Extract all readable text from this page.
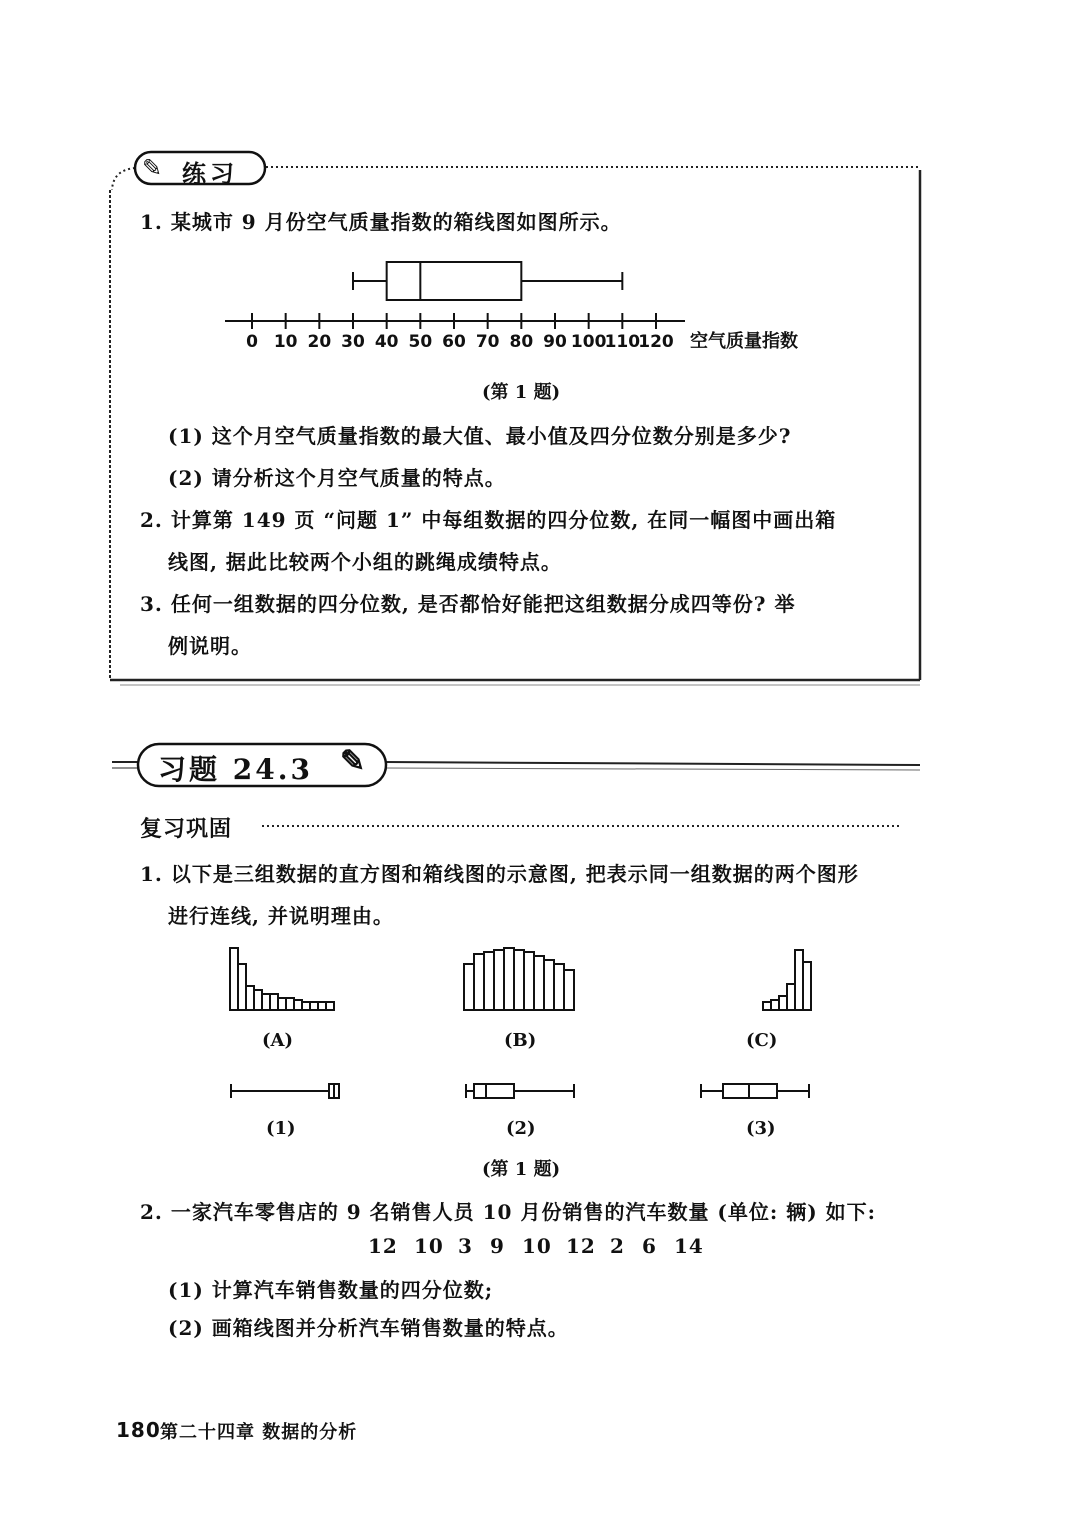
✎ 练习
1. 某城市 9 月份空气质量指数的箱线图如图所示。
0 10 20 30 40 50 60 70 80 90 100
110
120 空气质量指数
(第 1 题)
(1) 这个月空气质量指数的最大值、最小值及四分位数分别是多少?
(2) 请分析这个月空气质量的特点。
2. 计算第 149 页 “问题 1” 中每组数据的四分位数, 在同一幅图中画出箱
线图, 据此比较两个小组的跳绳成绩特点。
3. 任何一组数据的四分位数, 是否都恰好能把这组数据分成四等份? 举
例说明。
习题 24.3 ✎
复习巩固
1. 以下是三组数据的直方图和箱线图的示意图, 把表示同一组数据的两个图形
进行连线, 并说明理由。
(A)	(B)	(C)
(1)	(2)	(3)
(第 1 题)
2. 一家汽车零售店的 9 名销售人员 10 月份销售的汽车数量 (单位: 辆) 如下:
12 10 3 9 10 12 2 6 14
(1) 计算汽车销售数量的四分位数;
(2) 画箱线图并分析汽车销售数量的特点。
180 第二十四章 数据的分析
